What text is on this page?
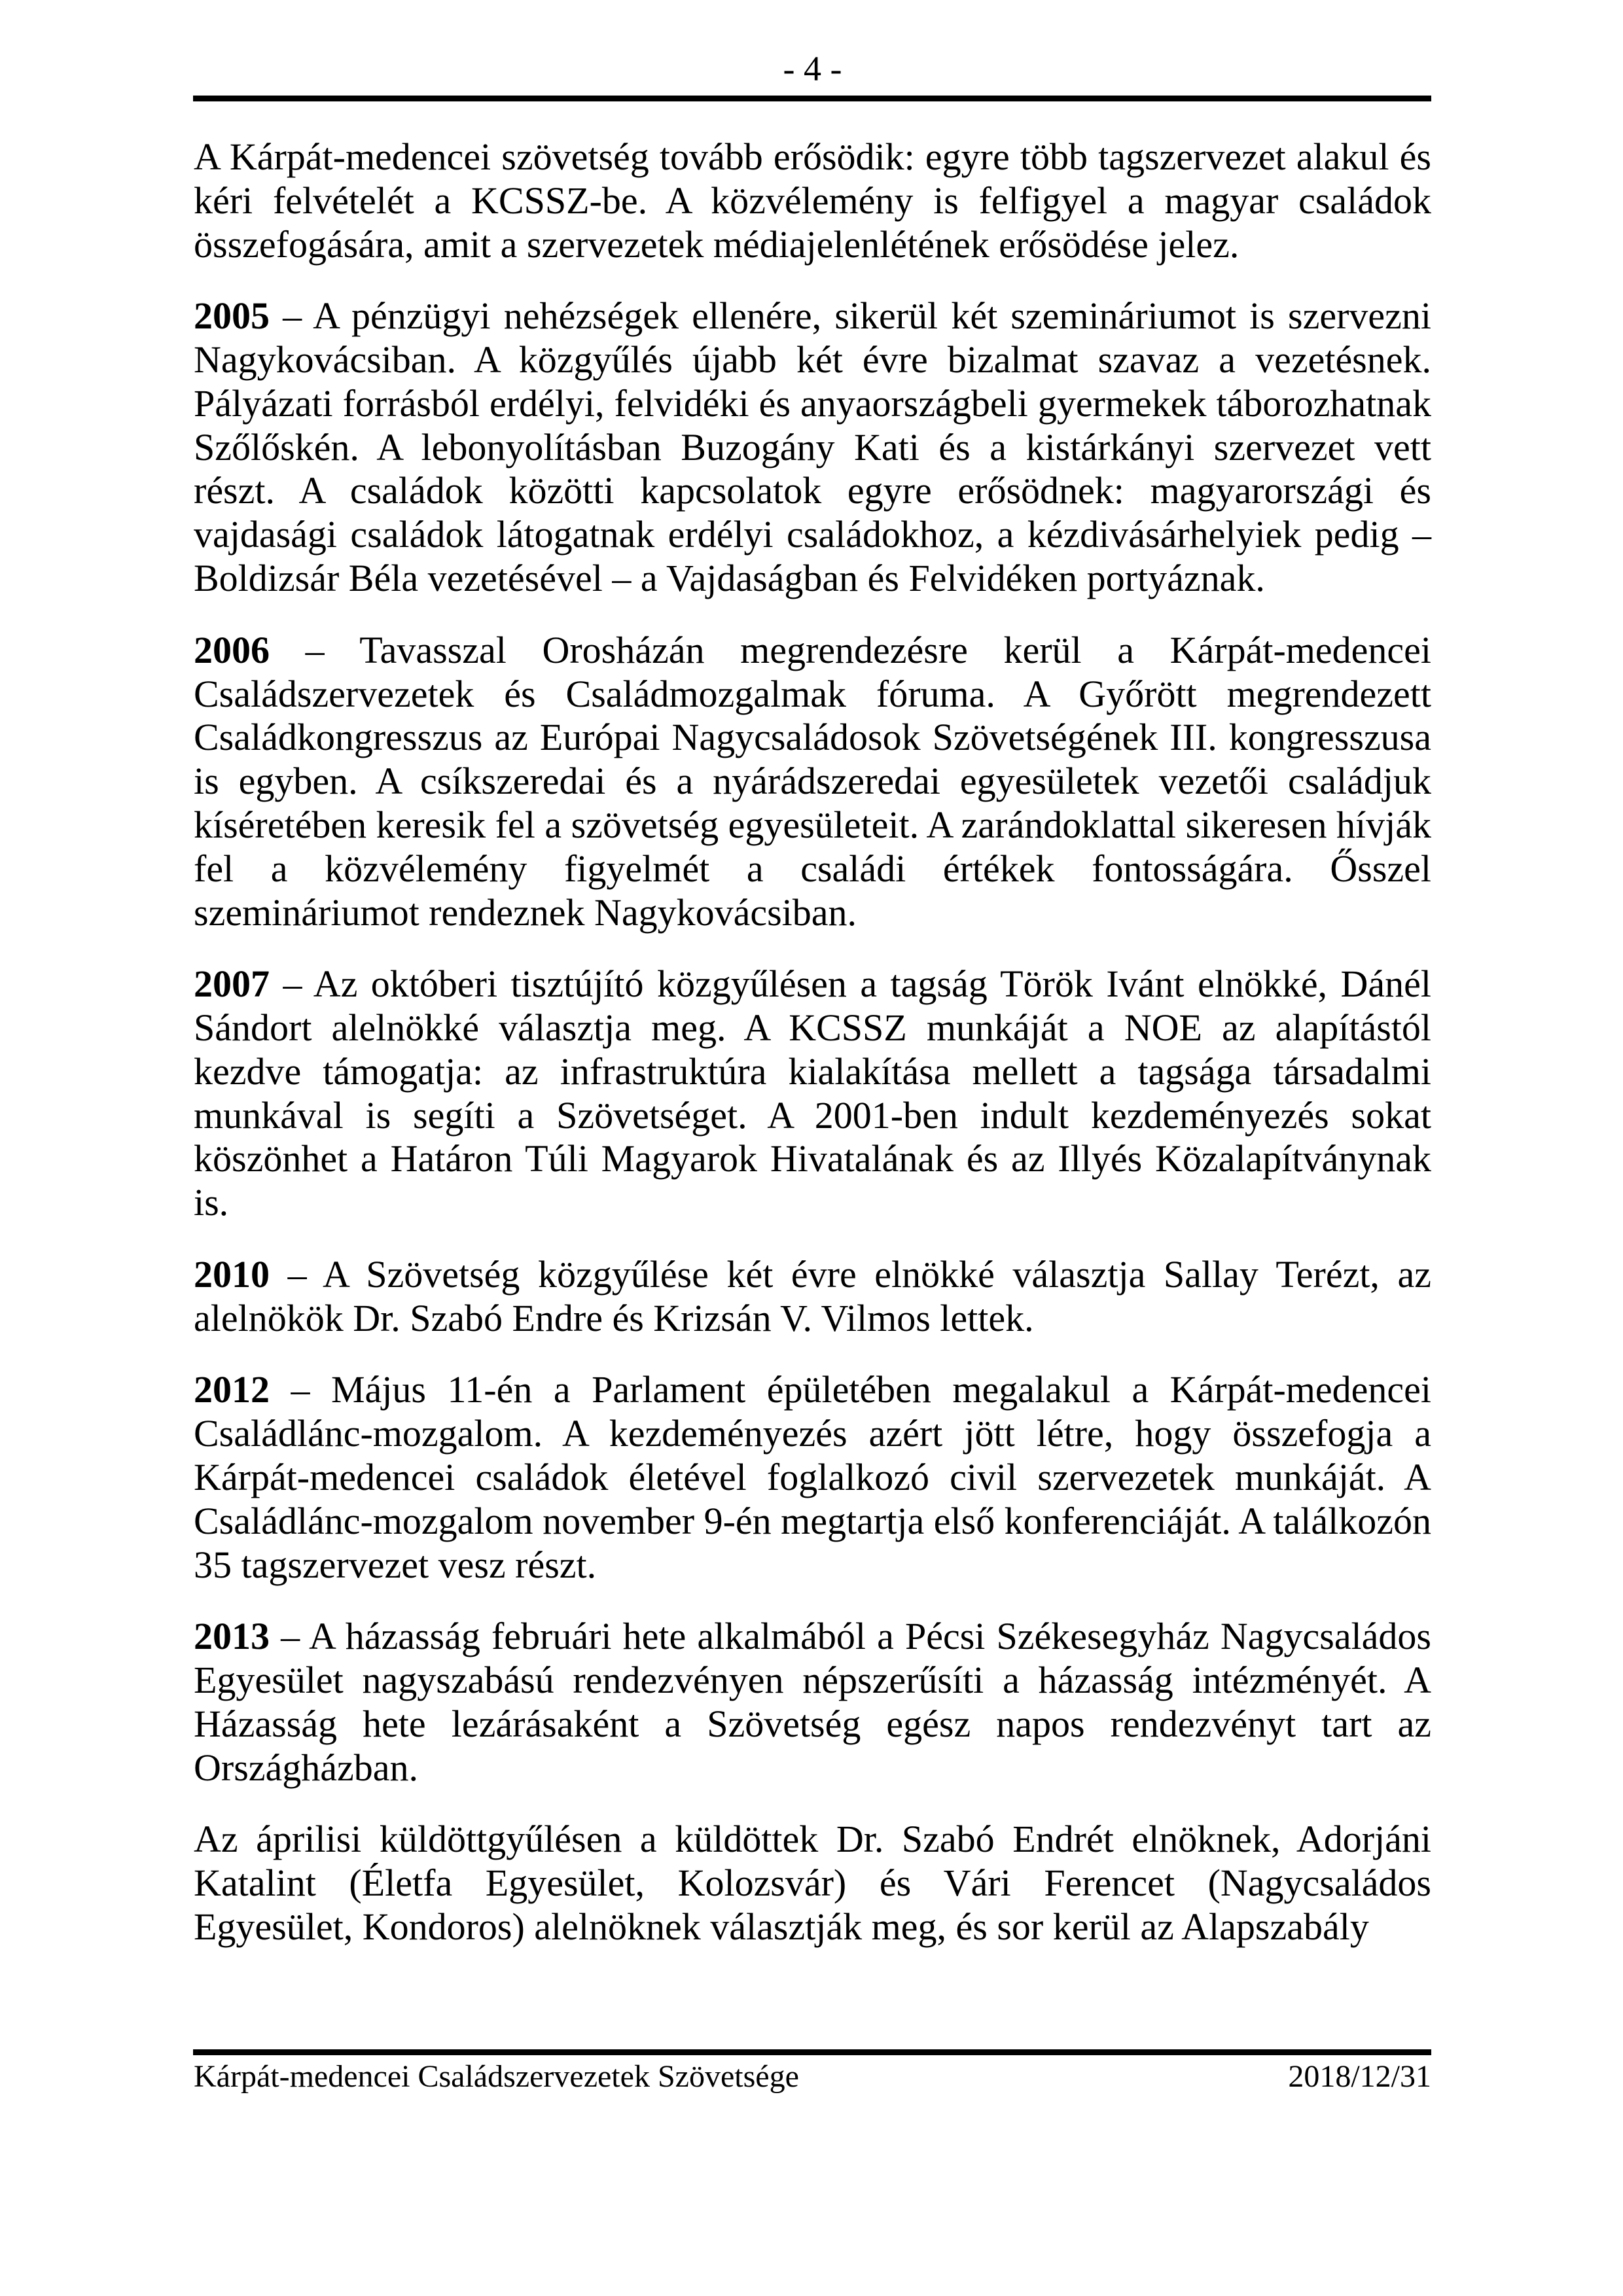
- 4 -

A Kárpát-medencei szövetség tovább erősödik: egyre több tagszervezet alakul és kéri felvételét a KCSSZ-be. A közvélemény is felfigyel a magyar családok összefogására, amit a szervezetek médiajelenlétének erősödése jelez.

2005 – A pénzügyi nehézségek ellenére, sikerül két szemináriumot is szervezni Nagykovácsiban. A közgyűlés újabb két évre bizalmat szavaz a vezetésnek. Pályázati forrásból erdélyi, felvidéki és anyaországbeli gyermekek táborozhatnak Szőlőskén. A lebonyolításban Buzogány Kati és a kistárkányi szervezet vett részt. A családok közötti kapcsolatok egyre erősödnek: magyarországi és vajdasági családok látogatnak erdélyi családokhoz, a kézdivásárhelyiek pedig – Boldizsár Béla vezetésével – a Vajdaságban és Felvidéken portyáznak.

2006 – Tavasszal Orosházán megrendezésre kerül a Kárpát-medencei Családszervezetek és Családmozgalmak fóruma. A Győrött megrendezett Családkongresszus az Európai Nagycsaládosok Szövetségének III. kongresszusa is egyben. A csíkszeredai és a nyárádszeredai egyesületek vezetői családjuk kíséretében keresik fel a szövetség egyesületeit. A zarándoklattal sikeresen hívják fel a közvélemény figyelmét a családi értékek fontosságára. Ősszel szemináriumot rendeznek Nagykovácsiban.

2007 – Az októberi tisztújító közgyűlésen a tagság Török Ivánt elnökké, Dánél Sándort alelnökké választja meg. A KCSSZ munkáját a NOE az alapítástól kezdve támogatja: az infrastruktúra kialakítása mellett a tagsága társadalmi munkával is segíti a Szövetséget. A 2001-ben indult kezdeményezés sokat köszönhet a Határon Túli Magyarok Hivatalának és az Illyés Közalapítványnak is.

2010 – A Szövetség közgyűlése két évre elnökké választja Sallay Terézt, az alelnökök Dr. Szabó Endre és Krizsán V. Vilmos lettek.

2012 – Május 11-én a Parlament épületében megalakul a Kárpát-medencei Családlánc-mozgalom. A kezdeményezés azért jött létre, hogy összefogja a Kárpát-medencei családok életével foglalkozó civil szervezetek munkáját. A Családlánc-mozgalom november 9-én megtartja első konferenciáját. A találkozón 35 tagszervezet vesz részt.

2013 – A házasság februári hete alkalmából a Pécsi Székesegyház Nagycsaládos Egyesület nagyszabású rendezvényen népszerűsíti a házasság intézményét. A Házasság hete lezárásaként a Szövetség egész napos rendezvényt tart az Országházban.

Az áprilisi küldöttgyűlésen a küldöttek Dr. Szabó Endrét elnöknek, Adorjáni Katalint (Életfa Egyesület, Kolozsvár) és Vári Ferencet (Nagycsaládos Egyesület, Kondoros) alelnöknek választják meg, és sor kerül az Alapszabály

Kárpát-medencei Családszervezetek Szövetsége	2018/12/31
